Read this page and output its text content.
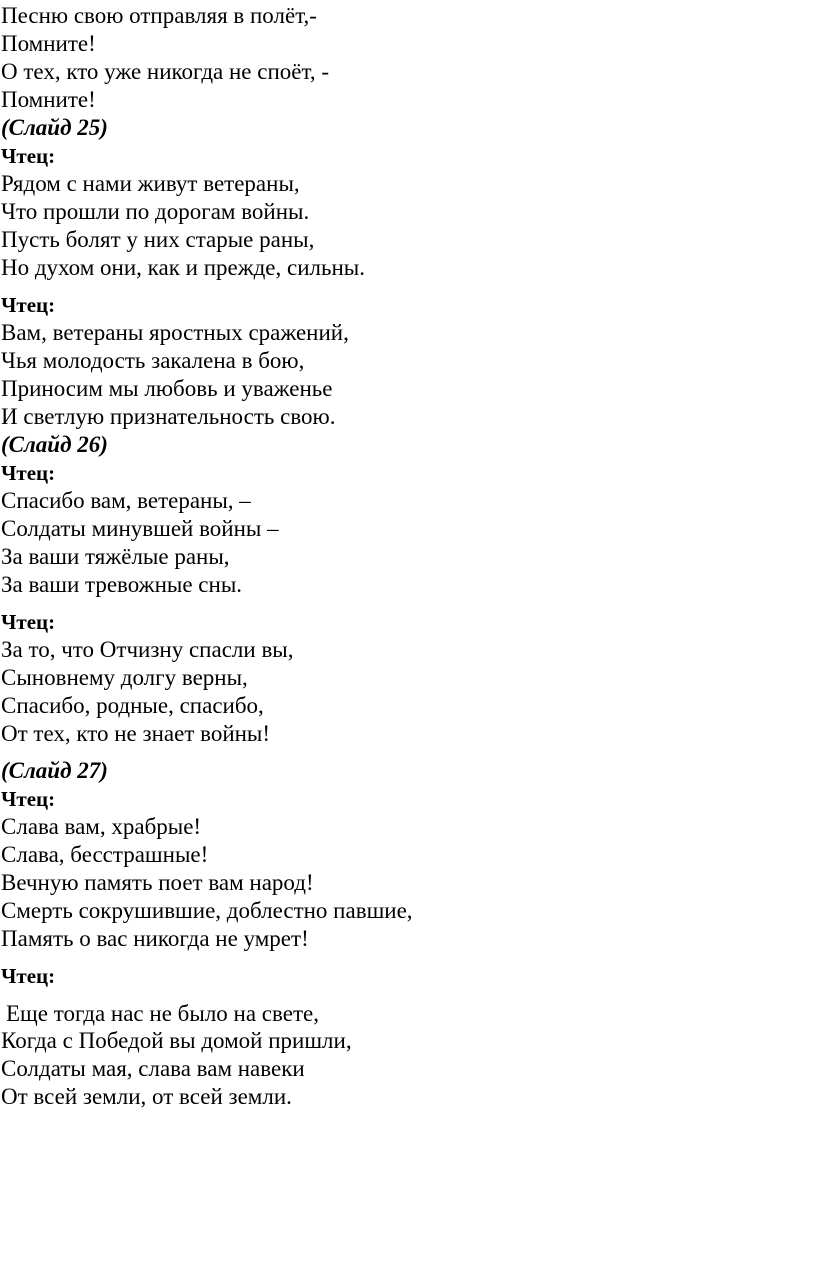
Песню свою отправляя в полёт,-
Помните!
О тех, кто уже никогда не споёт, -
Помните!
(Слайд 25)
Чтец:
Рядом с нами живут ветераны,
Что прошли по дорогам войны.
Пусть болят у них старые раны,
Но духом они, как и прежде, сильны.
Чтец:
Вам, ветераны яростных сражений,
Чья молодость закалена в бою,
Приносим мы любовь и уваженье
И светлую признательность свою.
(Слайд 26)
Чтец:
Спасибо вам, ветераны, –
Солдаты минувшей войны –
За ваши тяжёлые раны,
За ваши тревожные сны.
Чтец:
За то, что Отчизну спасли вы,
Сыновнему долгу верны,
Спасибо, родные, спасибо,
От тех, кто не знает войны!
(Слайд 27)
Чтец:
Слава вам, храбрые!
Слава, бесстрашные!
Вечную память поет вам народ!
Смерть сокрушившие, доблестно павшие,
Память о вас никогда не умрет!
Чтец:
Еще тогда нас не было на свете,
Когда с Победой вы домой пришли,
Солдаты мая, слава вам навеки
От всей земли, от всей земли.
